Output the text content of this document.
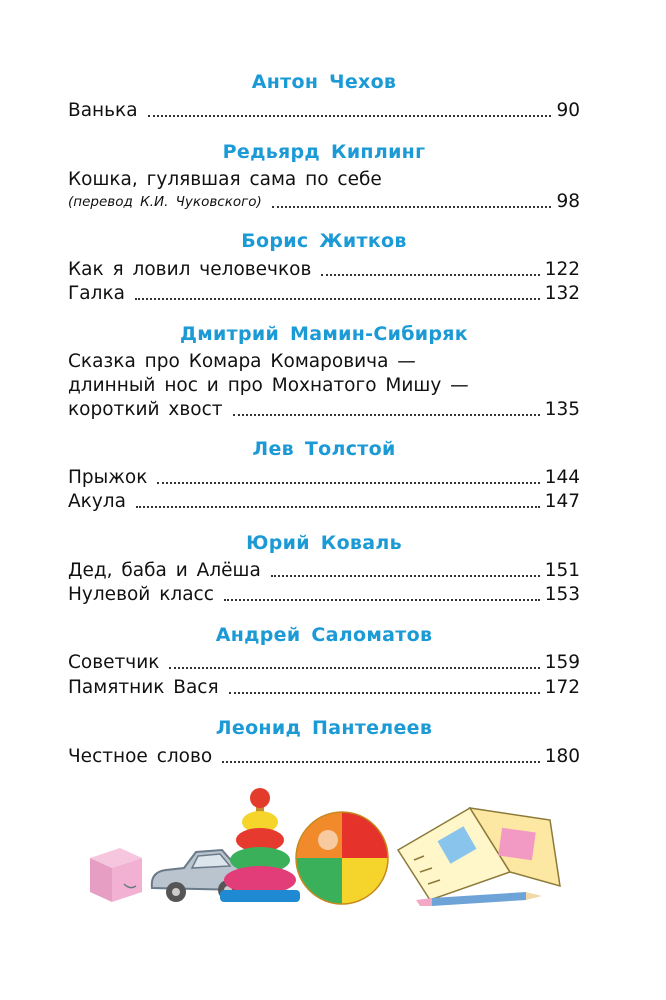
Антон Чехов
Ванька	90
Редьярд Киплинг
Кошка, гулявшая сама по себе
(перевод К.И. Чуковского)	98
Борис Житков
Как я ловил человечков	122
Галка	132
Дмитрий Мамин-Сибиряк
Сказка про Комара Комаровича —
длинный нос и про Мохнатого Мишу —
короткий хвост	135
Лев Толстой
Прыжок	144
Акула	147
Юрий Коваль
Дед, баба и Алёша	151
Нулевой класс	153
Андрей Саломатов
Советчик	159
Памятник Вася	172
Леонид Пантелеев
Честное слово	180
